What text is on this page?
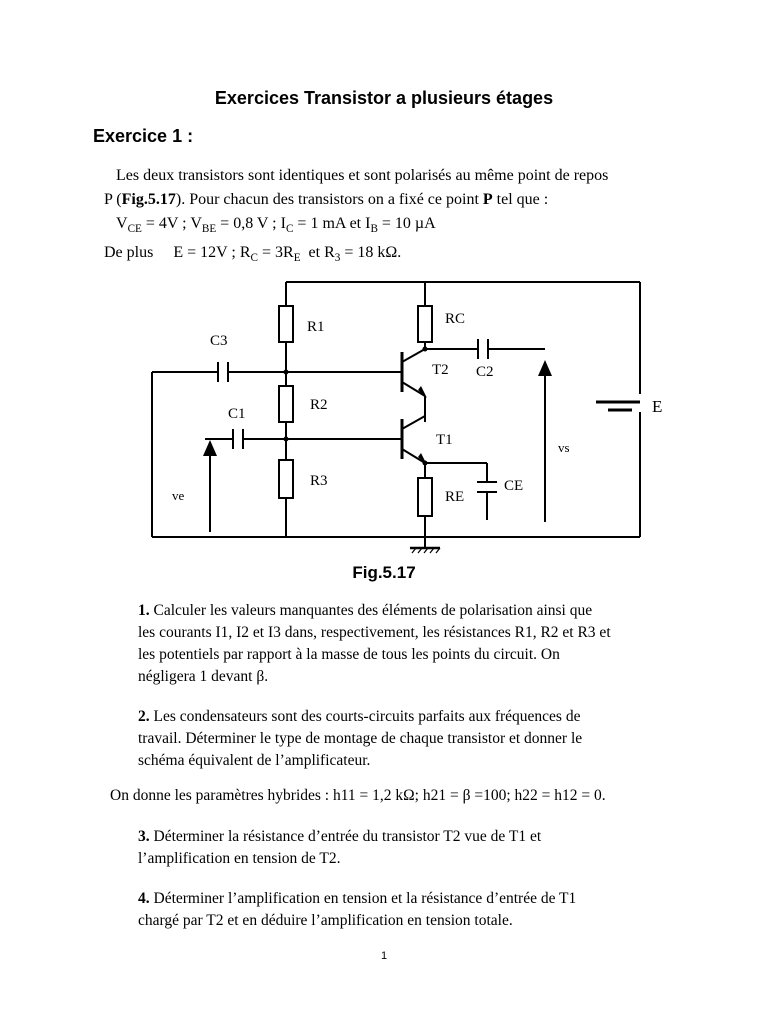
Exercices Transistor a plusieurs étages
Exercice 1 :

Les deux transistors sont identiques et sont polarisés au même point de repos

P (Fig.5.17). Pour chacun des transistors on a fixé ce point P tel que :

$V_{CE} = 4V$ ; $V_{BE} = 0,8$ V ; $I_C = 1$ mA et $I_B = 10$ µA

De plus     E = 12V ; $R_C = 3R_E$  et $R_3 = 18$ kΩ.

R1
R2
R3
RC
RE
C3
C1
C2
CE
T2
T1
E
ve
vs
Fig.5.17
1. Calculer les valeurs manquantes des éléments de polarisation ainsi que
les courants I1, I2 et I3 dans, respectivement, les résistances R1, R2 et R3 et
les potentiels par rapport à la masse de tous les points du circuit. On
négligera 1 devant β.
2. Les condensateurs sont des courts-circuits parfaits aux fréquences de
travail. Déterminer le type de montage de chaque transistor et donner le
schéma équivalent de l’amplificateur.
On donne les paramètres hybrides : h11 = 1,2 kΩ; h21 = β =100; h22 = h12 = 0.
3. Déterminer la résistance d’entrée du transistor T2 vue de T1 et
l’amplification en tension de T2.
4. Déterminer l’amplification en tension et la résistance d’entrée de T1
chargé par T2 et en déduire l’amplification en tension totale.
1
